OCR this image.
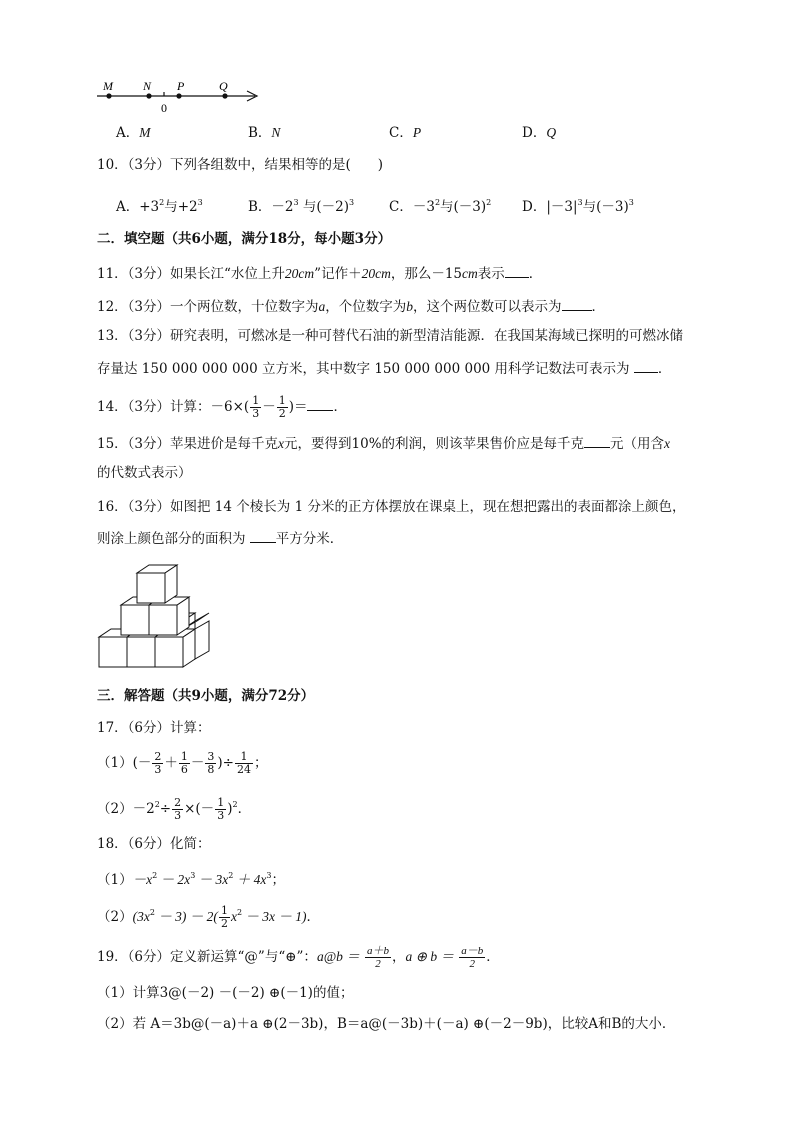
M	N
0
P	Q
A．M	B．N	C．P	D．Q
10．（3分）下列各组数中，结果相等的是(　　)
A．$+3^2$与$+2^3$	B．$-2^3$ 与$(-2)^3$	C．$-3^2$与$(-3)^2$ D．$|-3|^3$与$(-3)^3$
二．填空题（共6小题，满分18分，每小题3分）
11．（3分）如果长江“水位上升20cm”记作＋20cm，那么－15cm表示 ．
12．（3分）一个两位数，十位数字为a，个位数字为b，这个两位数可以表示为 ．
13．（3分）研究表明，可燃冰是一种可替代石油的新型清洁能源．在我国某海域已探明的可燃冰储
存量达 150 000 000 000 立方米，其中数字 150 000 000 000 用科学记数法可表示为 ．
14．（3分）计算：$-6\times( \frac{1}{3} - \frac{1}{2}$ )＝ ．
15．（3分）苹果进价是每千克x元，要得到10%的利润，则该苹果售价应是每千克 元（用含x
的代数式表示）
16．（3分）如图把 14 个棱长为 1 分米的正方体摆放在课桌上，现在想把露出的表面都涂上颜色，
则涂上颜色部分的面积为 平方分米．
三．解答题（共9小题，满分72分）
17．（6分）计算：
$(1)(- \frac{2}{3} + \frac{1}{6} - \frac{3}{8}$ )÷ $\frac{1}{24}$ ；
$(2)-2^2\div \frac{2}{3}$ ×(－ $\frac{1}{3} )^2$．
18．（6分）化简：
$(1)-x^2 - 2x^3 - 3x^2 + 4x^3$；
$(2)(3x^2 - 3) - 2( \frac{1}{2} x^2 - 3x - 1)$．
19．（6分）定义新运算“@”与“⊕”：a@b ＝ $\frac{a+b}{2}$ ，a ⊕ $b = \frac{a-b}{2}$ ．
（1）计算3@(－2) －(－2) ⊕(－1)的值；
（2）若 A＝3b@(－a)＋a ⊕(2－3b)，B＝a@(－3b)＋(－a) ⊕(－2－9b)，比较A和B的大小．
